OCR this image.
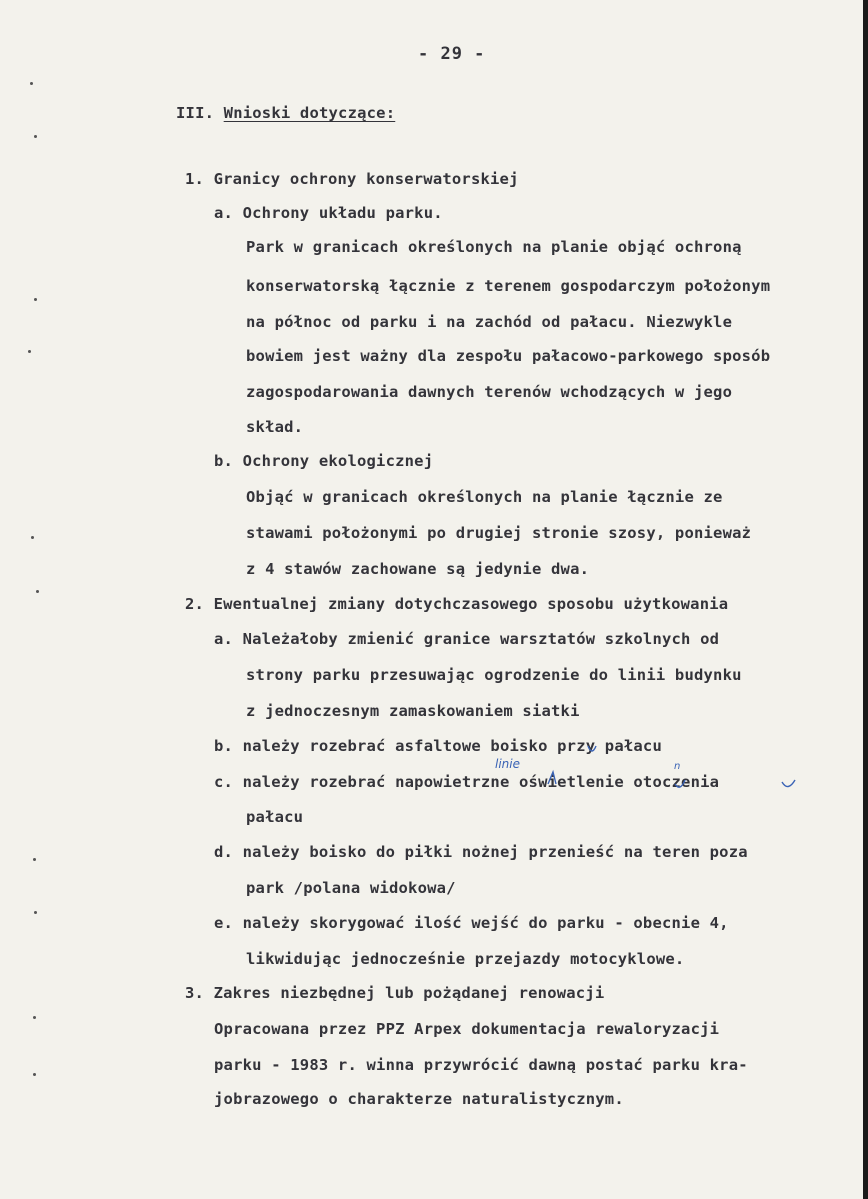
- 29 -
III. Wnioski dotyczące:
1. Granicy ochrony konserwatorskiej
a. Ochrony układu parku.
Park w granicach określonych na planie objąć ochroną
konserwatorską łącznie z terenem gospodarczym położonym
na północ od parku i na zachód od pałacu. Niezwykle
bowiem jest ważny dla zespołu pałacowo-parkowego sposób
zagospodarowania dawnych terenów wchodzących w jego
skład.
b. Ochrony ekologicznej
Objąć w granicach określonych na planie łącznie ze
stawami położonymi po drugiej stronie szosy, ponieważ
z 4 stawów zachowane są jedynie dwa.
2. Ewentualnej zmiany dotychczasowego sposobu użytkowania
a. Należałoby zmienić granice warsztatów szkolnych od
strony parku przesuwając ogrodzenie do linii budynku
z jednoczesnym zamaskowaniem siatki
b. należy rozebrać asfaltowe boisko przy pałacu
c. należy rozebrać napowietrzne oświetlenie otoczenia
pałacu
d. należy boisko do piłki nożnej przenieść na teren poza
park /polana widokowa/
e. należy skorygować ilość wejść do parku - obecnie 4,
likwidując jednocześnie przejazdy motocyklowe.
3. Zakres niezbędnej lub pożądanej renowacji
Opracowana przez PPZ Arpex dokumentacja rewaloryzacji
parku - 1983 r. winna przywrócić dawną postać parku kra-
jobrazowego o charakterze naturalistycznym.
linie	n
